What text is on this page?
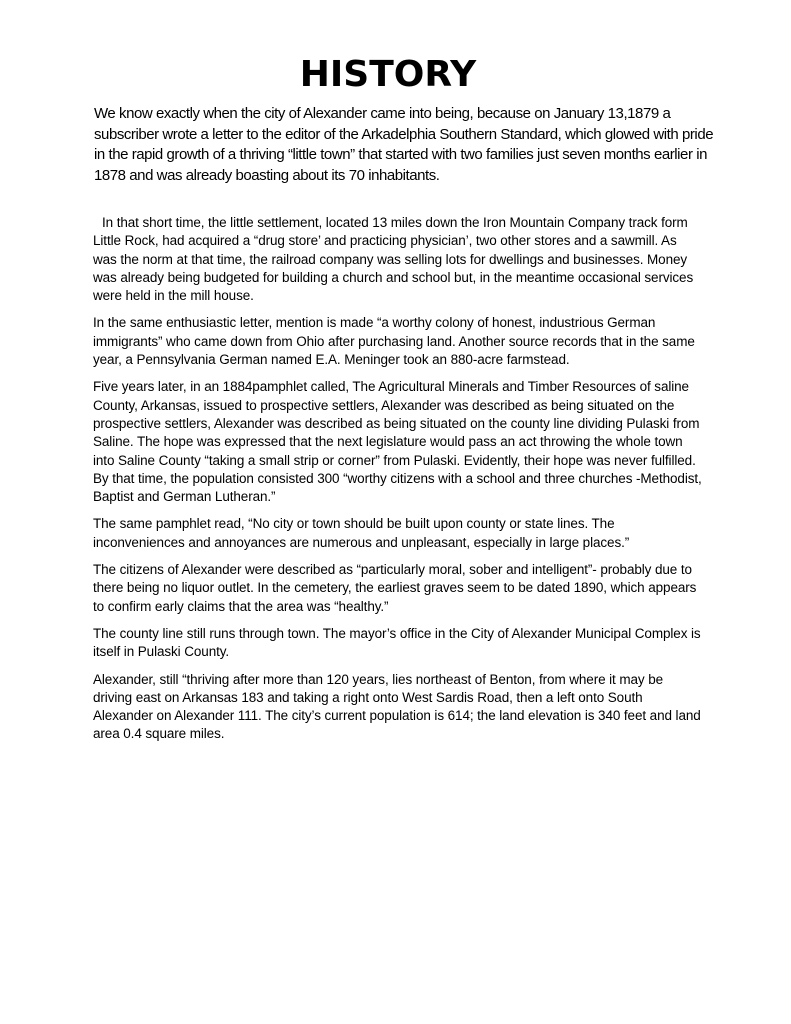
HISTORY

We know exactly when the city of Alexander came into being, because on January 13,1879 a subscriber wrote a letter to the editor of the Arkadelphia Southern Standard, which glowed with pride in the rapid growth of a thriving “little town” that started with two families just seven months earlier in 1878 and was already boasting about its 70 inhabitants.

In that short time, the little settlement, located 13 miles down the Iron Mountain Company track form Little Rock, had acquired a “drug store’ and practicing physician’, two other stores and a sawmill. As was the norm at that time, the railroad company was selling lots for dwellings and businesses. Money was already being budgeted for building a church and school but, in the meantime occasional services were held in the mill house.

In the same enthusiastic letter, mention is made “a worthy colony of honest, industrious German immigrants” who came down from Ohio after purchasing land. Another source records that in the same year, a Pennsylvania German named E.A. Meninger took an 880-acre farmstead.

Five years later, in an 1884pamphlet called, The Agricultural Minerals and Timber Resources of saline County, Arkansas, issued to prospective settlers, Alexander was described as being situated on the prospective settlers, Alexander was described as being situated on the county line dividing Pulaski from Saline. The hope was expressed that the next legislature would pass an act throwing the whole town into Saline County “taking a small strip or corner” from Pulaski. Evidently, their hope was never fulfilled. By that time, the population consisted 300 “worthy citizens with a school and three churches -Methodist, Baptist and German Lutheran.”

The same pamphlet read, “No city or town should be built upon county or state lines. The inconveniences and annoyances are numerous and unpleasant, especially in large places.”

The citizens of Alexander were described as “particularly moral, sober and intelligent”- probably due to there being no liquor outlet. In the cemetery, the earliest graves seem to be dated 1890, which appears to confirm early claims that the area was “healthy.”

The county line still runs through town. The mayor’s office in the City of Alexander Municipal Complex is itself in Pulaski County.

Alexander, still “thriving after more than 120 years, lies northeast of Benton, from where it may be driving east on Arkansas 183 and taking a right onto West Sardis Road, then a left onto South Alexander on Alexander 111. The city’s current population is 614; the land elevation is 340 feet and land area 0.4 square miles.
